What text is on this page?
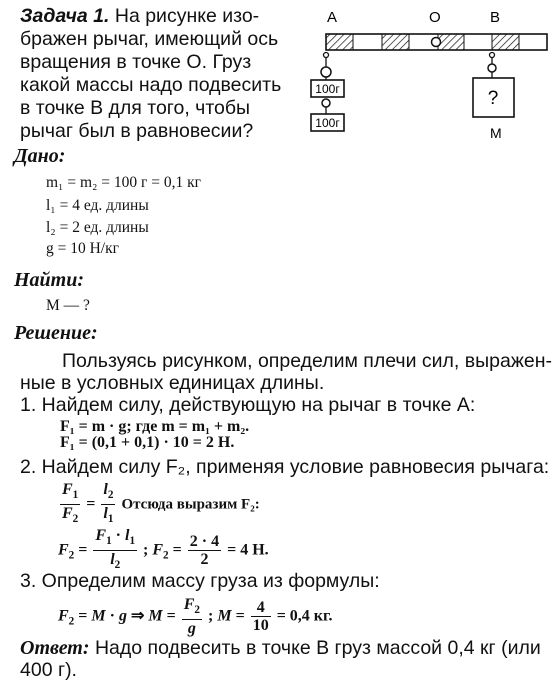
Задача 1. На рисунке изо-
бражен рычаг, имеющий ось
вращения в точке О. Груз
какой массы надо подвесить
в точке В для того, чтобы
рычаг был в равновесии?
A	O	B
100г
100г
?
M
Дано:
m₁ = m₂ = 100 г = 0,1 кг
l₁ = 4 ед. длины
l₂ = 2 ед. длины
g = 10 Н/кг
Найти:
M — ?
Решение:
Пользуясь рисунком, определим плечи сил, выражен-
ные в условных единицах длины.
1. Найдем силу, действующую на рычаг в точке A:
F₁ = m · g; где m = m₁ + m₂.
F₁ = (0,1 + 0,1) · 10 = 2 Н.
2. Найдем силу F₂, применяя условие равновесия рычага:
$\frac{F_1}{F_2} = \frac{l_2}{l_1}$ Отсюда выразим F₂:
$F_2 = \frac{F_1 \cdot l_1}{l_2}$ ; $F_2 = \frac{2 \cdot 4}{2} = 4$ Н.
3. Определим массу груза из формулы:
$F_2 = M \cdot g$ ⇒ $M = \frac{F_2}{g}$ ; $M = \frac{4}{10} = 0,4$ кг.
Ответ: Надо подвесить в точке В груз массой 0,4 кг (или
400 г).
